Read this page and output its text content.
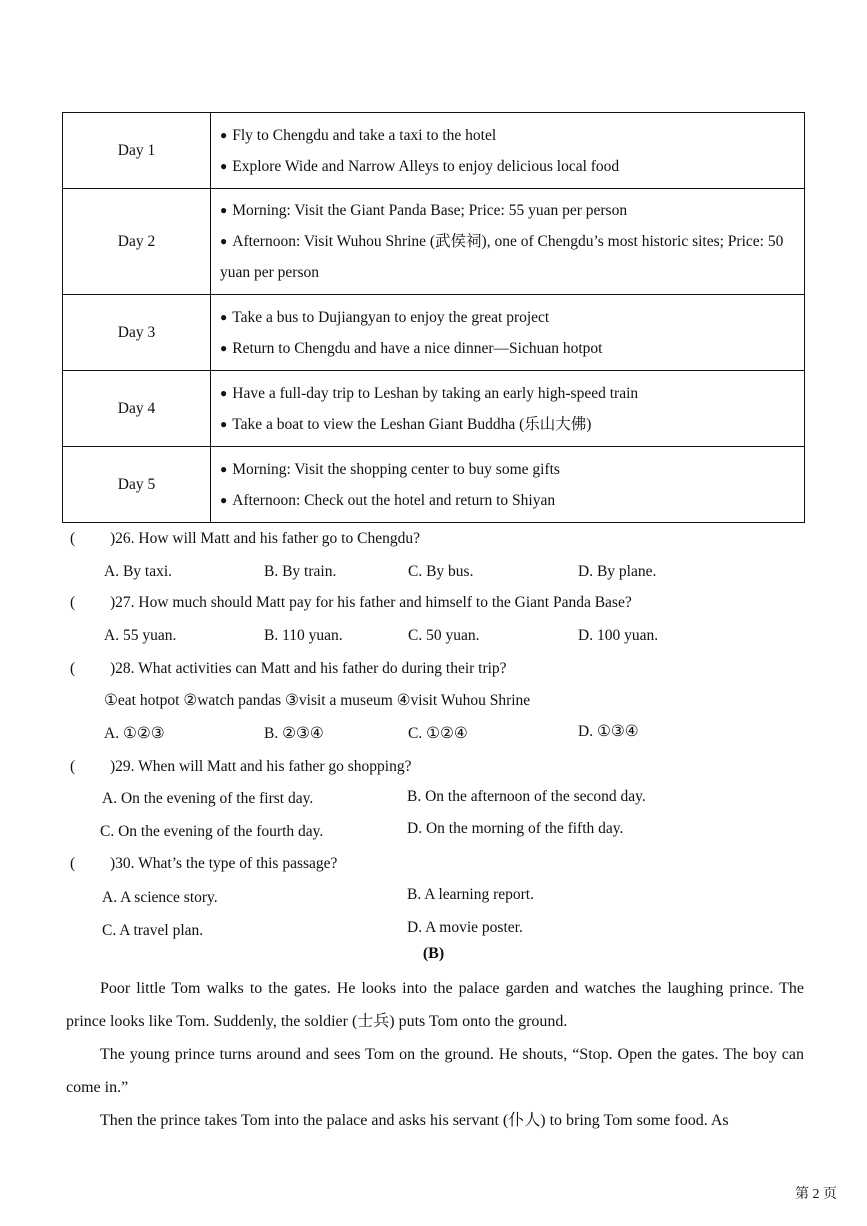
Day 1	● Fly to Chengdu and take a taxi to the hotel
● Explore Wide and Narrow Alleys to enjoy delicious local food

Day 2	● Morning: Visit the Giant Panda Base; Price: 55 yuan per person
● Afternoon: Visit Wuhou Shrine (武侯祠), one of Chengdu’s most historic sites; Price: 50 yuan per person

Day 3	● Take a bus to Dujiangyan to enjoy the great project
● Return to Chengdu and have a nice dinner—Sichuan hotpot

Day 4	● Have a full-day trip to Leshan by taking an early high-speed train
● Take a boat to view the Leshan Giant Buddha (乐山大佛)

Day 5	● Morning: Visit the shopping center to buy some gifts
● Afternoon: Check out the hotel and return to Shiyan
( )26. How will Matt and his father go to Chengdu?
A. By taxi.	B. By train.	C. By bus.	D. By plane.
( )27. How much should Matt pay for his father and himself to the Giant Panda Base?
A. 55 yuan.	B. 110 yuan.	C. 50 yuan.	D. 100 yuan.
( )28. What activities can Matt and his father do during their trip?
①eat hotpot ②watch pandas ③visit a museum ④visit Wuhou Shrine
A. ①②③	B. ②③④	C. ①②④	D. ①③④
( )29. When will Matt and his father go shopping?
A. On the evening of the first day.	B. On the afternoon of the second day.
C. On the evening of the fourth day.	D. On the morning of the fifth day.
( )30. What’s the type of this passage?
A. A science story.	B. A learning report.
C. A travel plan.	D. A movie poster.
(B)

Poor little Tom walks to the gates. He looks into the palace garden and watches the laughing prince. The prince looks like Tom. Suddenly, the soldier (士兵) puts Tom onto the ground.

The young prince turns around and sees Tom on the ground. He shouts, “Stop. Open the gates. The boy can come in.”

Then the prince takes Tom into the palace and asks his servant (仆人) to bring Tom some food. As

第 2 页
